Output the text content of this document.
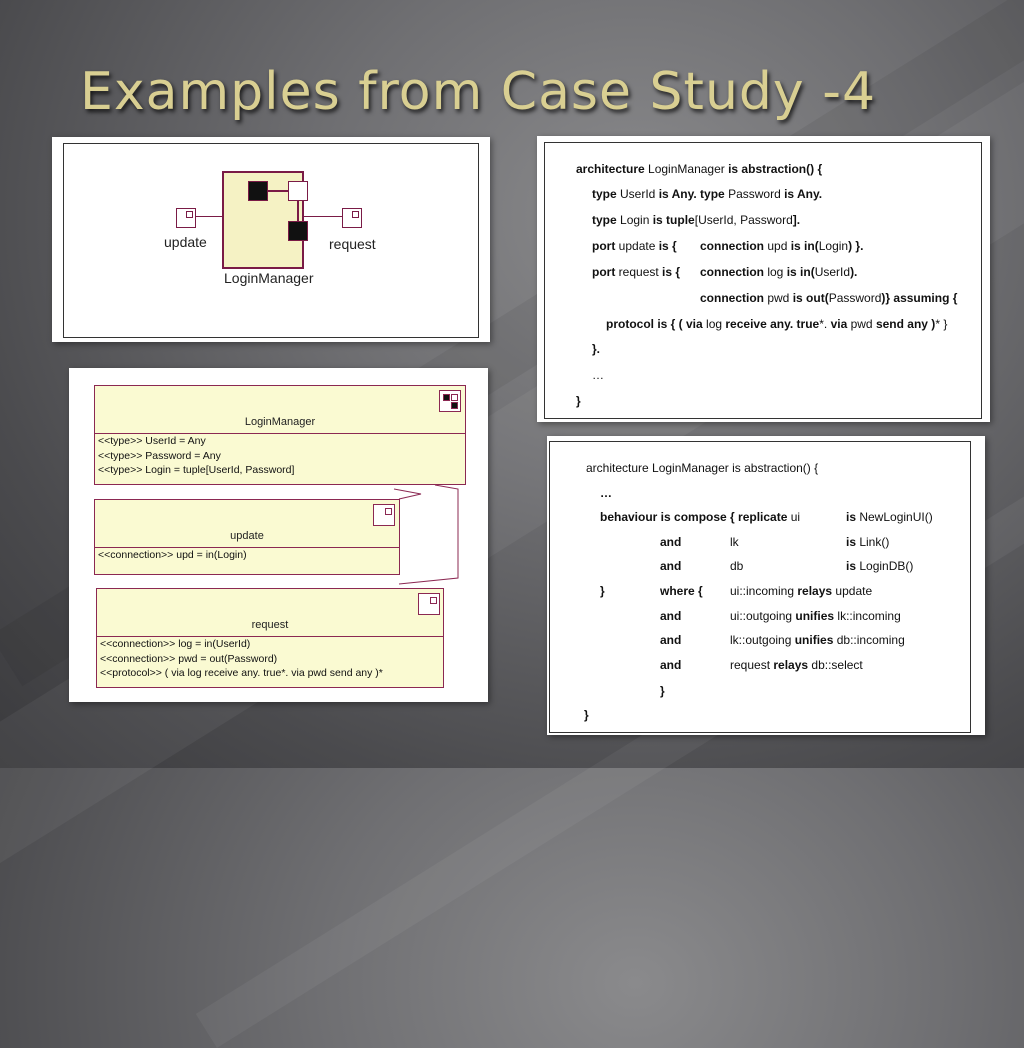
Examples from Case Study -4
update	request
LoginManager
LoginManager
<<type>> UserId = Any
<<type>> Password = Any
<<type>> Login = tuple[UserId, Password]
update
<<connection>> upd = in(Login)
request
<<connection>> log = in(UserId)
<<connection>> pwd = out(Password)
<<protocol>> ( via log receive any. true*. via pwd send any )*
architecture LoginManager is abstraction() {
type UserId is Any. type Password is Any.
type Login is tuple[UserId, Password].
port update is {
port request is {
protocol is { ( via log receive any. true*. via pwd send any )* }
}.
…
}
connection upd is in(Login) }.
connection log is in(UserId).
connection pwd is out(Password)} assuming {
architecture LoginManager is abstraction() {
…
behaviour is compose { replicate ui
and
and
}
and
and
and
}
}
lk
db
where { ui::incoming relays update
ui::outgoing unifies lk::incoming
lk::outgoing unifies db::incoming
request relays db::select
is NewLoginUI()
is Link()
is LoginDB()
